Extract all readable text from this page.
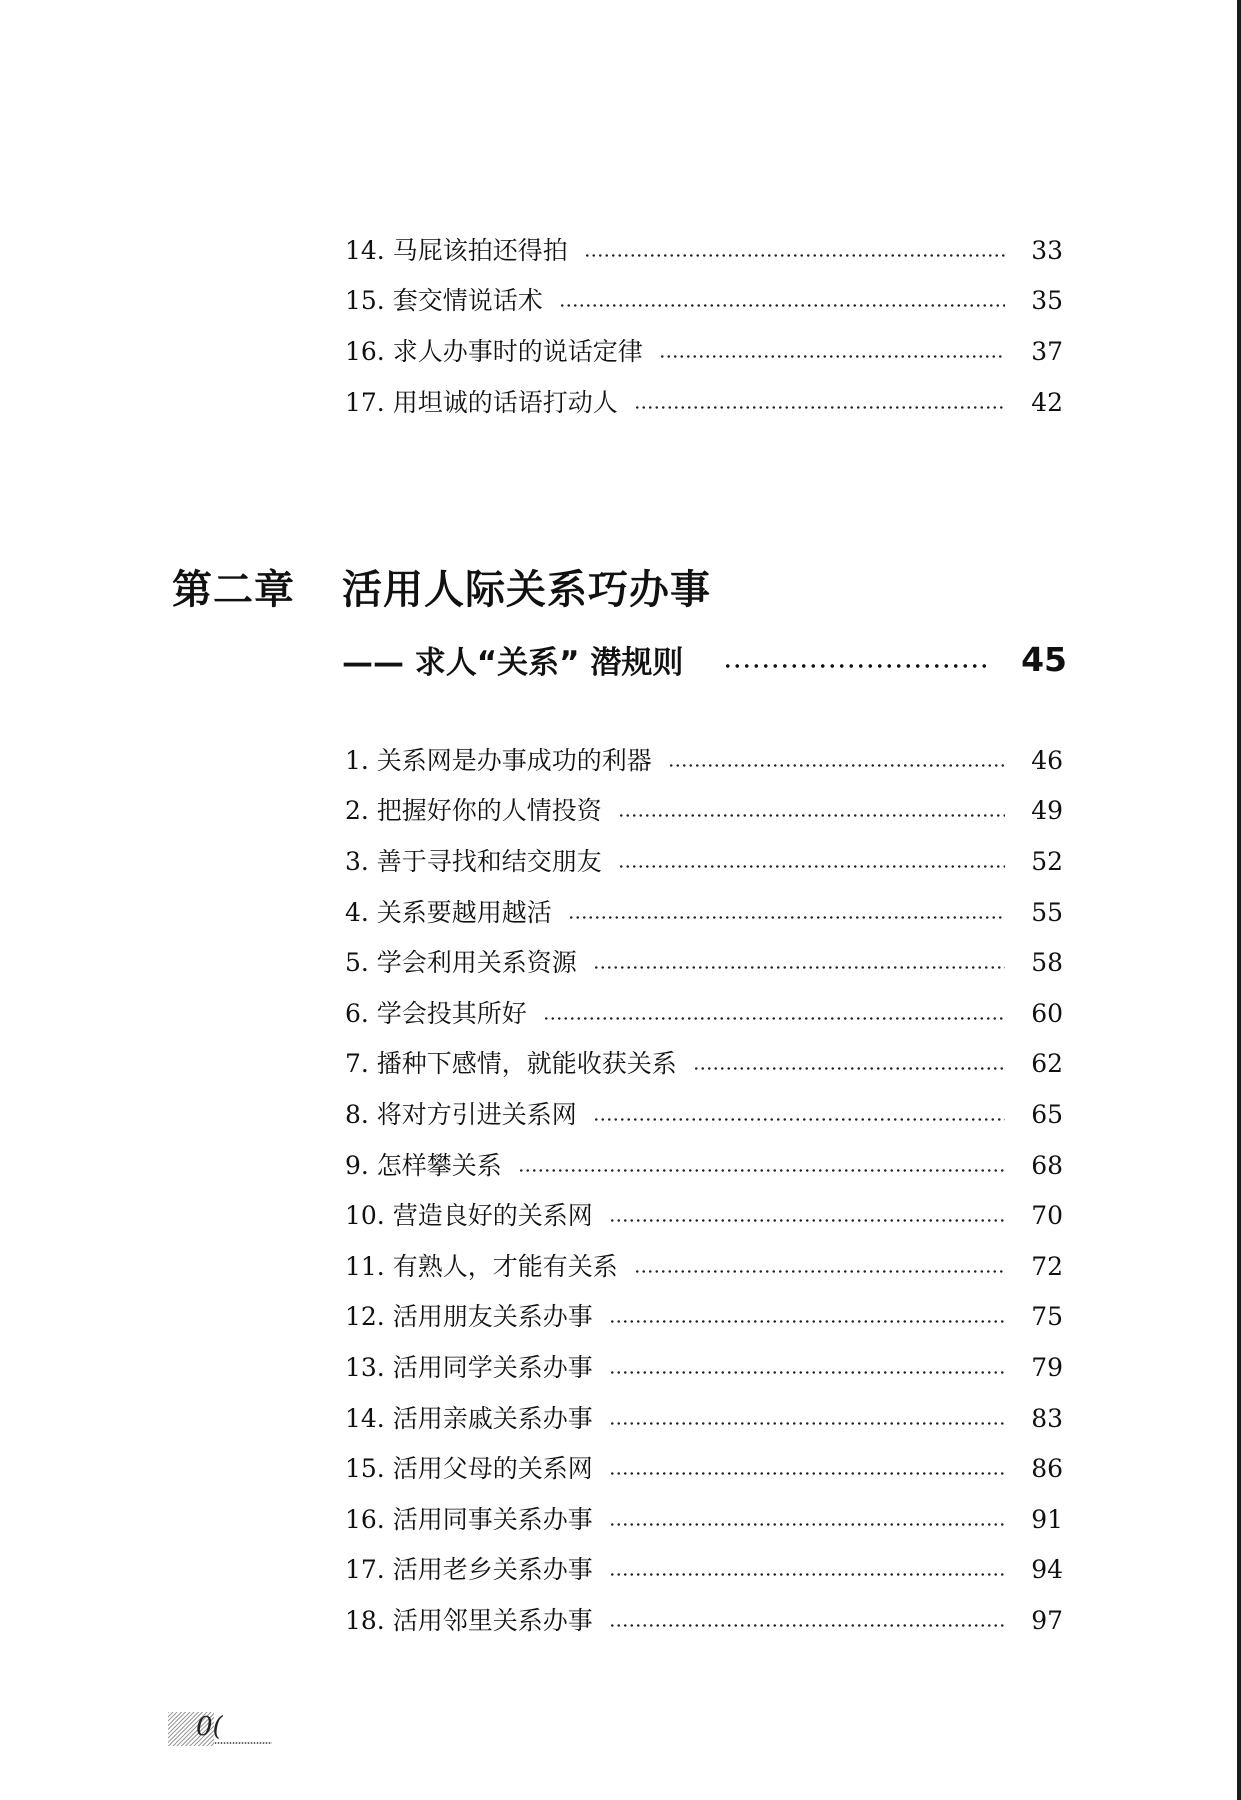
14. 马屁该拍还得拍	33
15. 套交情说话术	35
16. 求人办事时的说话定律	37
17. 用坦诚的话语打动人	42
第二章	活用人际关系巧办事
—— 求人“关系” 潜规则	45
1. 关系网是办事成功的利器	46
2. 把握好你的人情投资	49
3. 善于寻找和结交朋友	52
4. 关系要越用越活	55
5. 学会利用关系资源	58
6. 学会投其所好	60
7. 播种下感情，就能收获关系	62
8. 将对方引进关系网	65
9. 怎样攀关系	68
10. 营造良好的关系网	70
11. 有熟人，才能有关系	72
12. 活用朋友关系办事	75
13. 活用同学关系办事	79
14. 活用亲戚关系办事	83
15. 活用父母的关系网	86
16. 活用同事关系办事	91
17. 活用老乡关系办事	94
18. 活用邻里关系办事	97
0(
